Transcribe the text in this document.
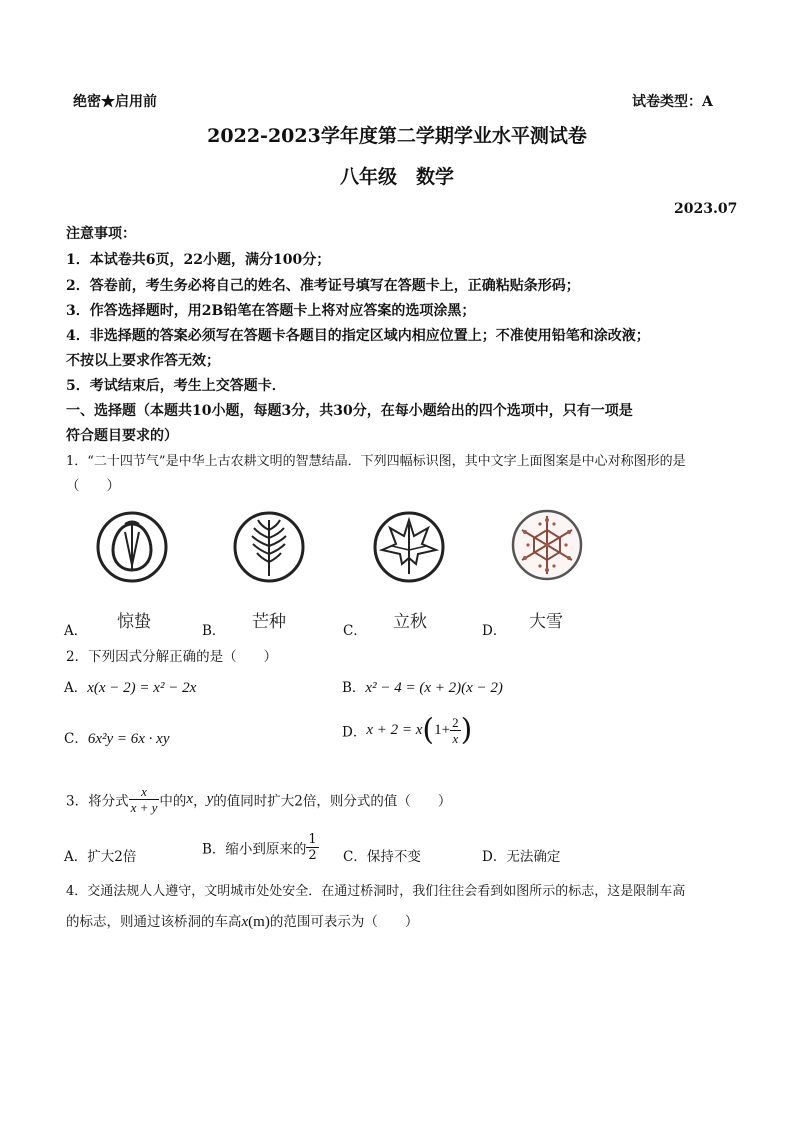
绝密★启用前	试卷类型：A
2022-2023学年度第二学期学业水平测试卷
八年级　数学
2023.07
注意事项：
1．本试卷共6页，22小题，满分100分；
2．答卷前，考生务必将自己的姓名、准考证号填写在答题卡上，正确粘贴条形码；
3．作答选择题时，用2B铅笔在答题卡上将对应答案的选项涂黑；
4．非选择题的答案必须写在答题卡各题目的指定区域内相应位置上；不准使用铅笔和涂改液；
不按以上要求作答无效；
5．考试结束后，考生上交答题卡．
一、选择题（本题共10小题，每题3分，共30分，在每小题给出的四个选项中，只有一项是
符合题目要求的）
1．“二十四节气”是中华上古农耕文明的智慧结晶．下列四幅标识图，其中文字上面图案是中心对称图形的是
（　　）
惊蛰	芒种	立秋	大雪
A．	B．	C．	D．
2．下列因式分解正确的是（　　）
A．x(x − 2) = x² − 2x	B．x² − 4 = (x + 2)(x − 2)
C．6x²y = 6x · xy	D．$x + 2 = x(1+ \frac{2}{x}$ )
3．将分式 $\frac{x}{x + y}$ 中的x，y的值同时扩大2倍，则分式的值（　　）
A．扩大2倍	B．缩小到原来的 $\frac{1}{2}$ C．保持不变	D．无法确定
4．交通法规人人遵守，文明城市处处安全．在通过桥洞时，我们往往会看到如图所示的标志，这是限制车高
的标志，则通过该桥洞的车高x(m)的范围可表示为（　　）
